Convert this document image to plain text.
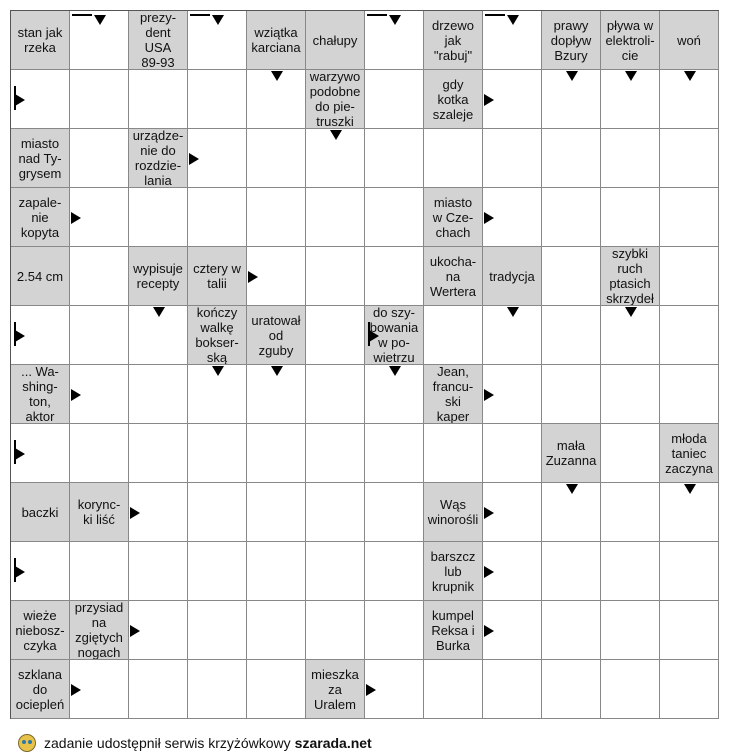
stan jak
rzeka
prezy-
dent
USA
89-93
wziątka
karciana chałupy
drzewo
jak
"rabuj"
prawy
dopływ
Bzury
pływa w
elektroli-
cie
woń
warzywo
podobne
do pie-
truszki
gdy
kotka
szaleje
miasto
nad Ty-
grysem
urządze-
nie do
rozdzie-
lania
zapale-
nie
kopyta
miasto
w Cze-
chach
2.54 cm	wypisuje
recepty
cztery w
talii
ukocha-
na
Wertera
tradycja
szybki
ruch
ptasich
skrzydeł
kończy
walkę
bokser-
ską
uratował
od
zguby
do szy-
bowania
w po-
wietrzu
... Wa-
shing-
ton,
aktor
Jean,
francu-
ski
kaper
mała
Zuzanna
młoda
taniec
zaczyna
baczki korync-
ki liść
Wąs
winorośli
barszcz
lub
krupnik
wieże
niebosz-
czyka
przysiad
na
zgiętych
nogach
kumpel
Reksa i
Burka
szklana
do
ociepleń
mieszka
za
Uralem
zadanie udostępnił serwis krzyżówkowy szarada.net
